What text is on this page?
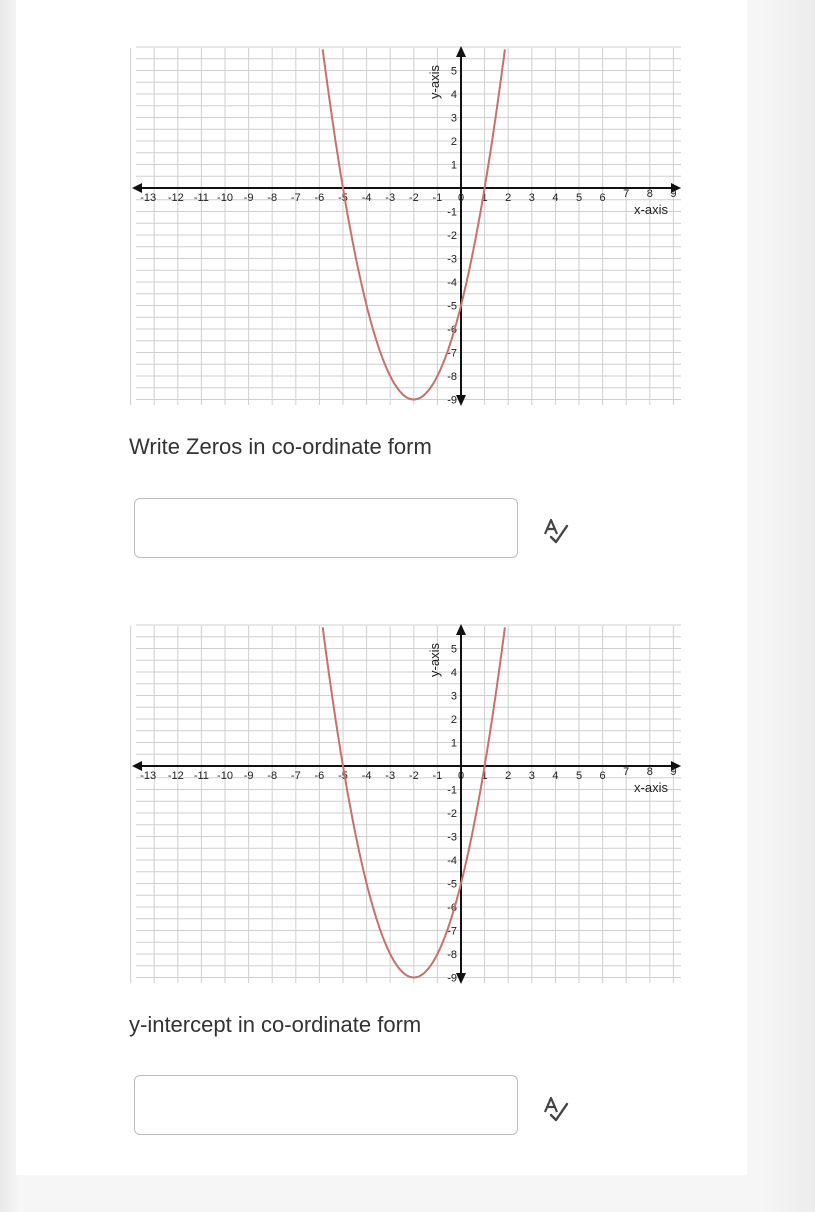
-13 -12 -11 -10 -9 -8 -7 -6 -5 -4 -3 -2 -1 0 1 2 3 4 5 6 7 8 9
5
4
3
2
1
-1
-2
-3
-4
-5
-6
-7
-8
-9
x-axis
y-axis

Write Zeros in co-ordinate form

-13 -12 -11 -10 -9 -8 -7 -6 -5 -4 -3 -2 -1 0 1 2 3 4 5 6 7 8 9
5
4
3
2
1
-1
-2
-3
-4
-5
-6
-7
-8
-9
x-axis
y-axis

y-intercept in co-ordinate form
